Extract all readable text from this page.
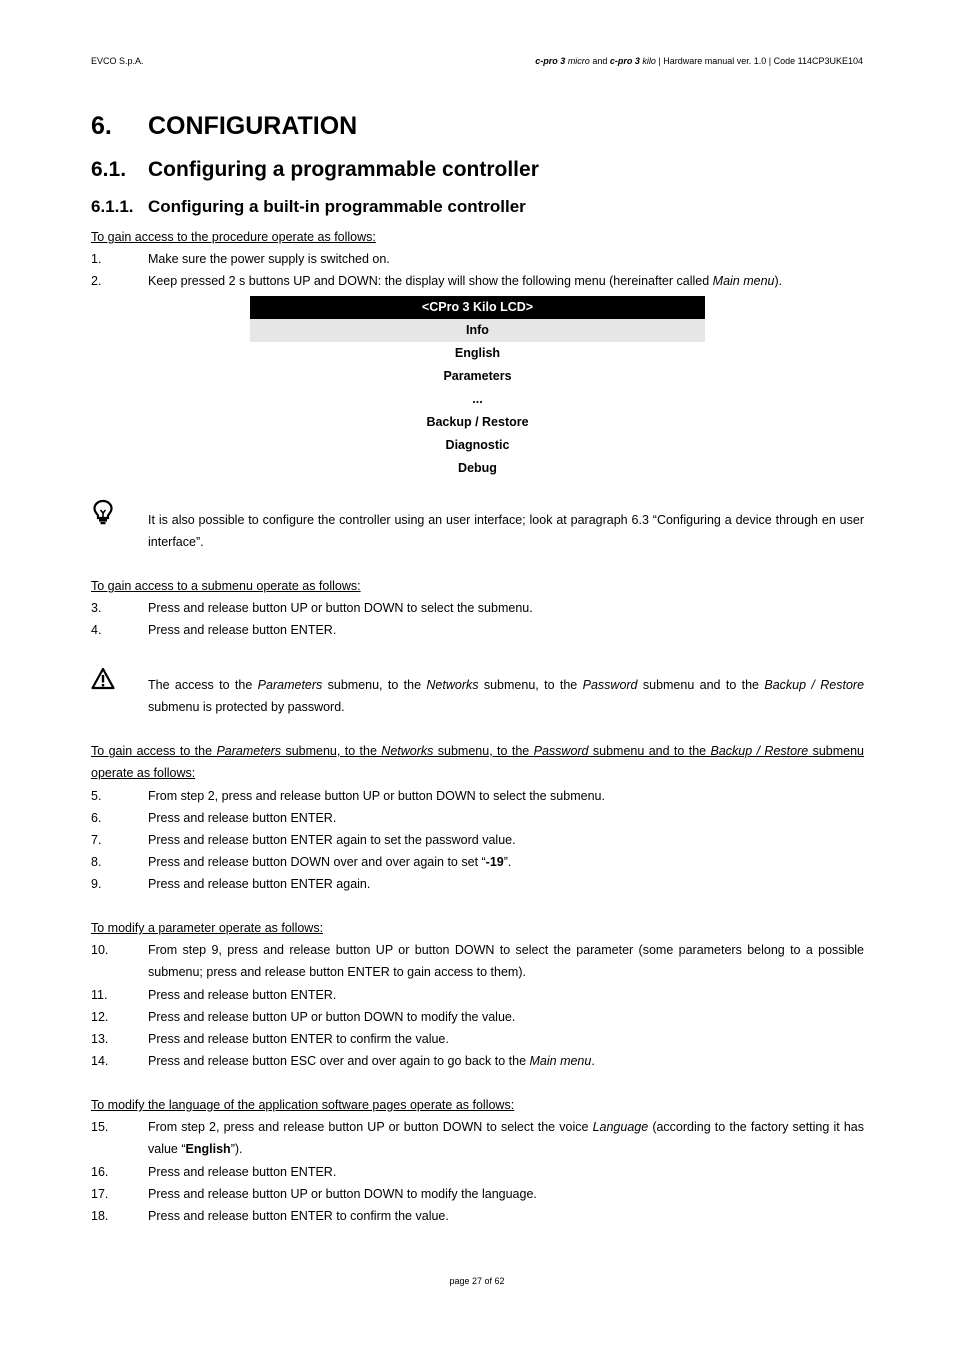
EVCO S.p.A.	c-pro 3 micro and c-pro 3 kilo | Hardware manual ver. 1.0 | Code 114CP3UKE104
6. CONFIGURATION
6.1. Configuring a programmable controller
6.1.1. Configuring a built-in programmable controller
To gain access to the procedure operate as follows:
1.	Make sure the power supply is switched on.
2.	Keep pressed 2 s buttons UP and DOWN: the display will show the following menu (hereinafter called Main menu).
<CPro 3 Kilo LCD>
Info
English
Parameters
...
Backup / Restore
Diagnostic
Debug
It is also possible to configure the controller using an user interface; look at paragraph 6.3 “Configuring a device through en user interface”.
To gain access to a submenu operate as follows:
3.	Press and release button UP or button DOWN to select the submenu.
4.	Press and release button ENTER.
The access to the Parameters submenu, to the Networks submenu, to the Password submenu and to the Backup / Restore submenu is protected by password.
To gain access to the Parameters submenu, to the Networks submenu, to the Password submenu and to the Backup / Restore submenu operate as follows:
5.	From step 2, press and release button UP or button DOWN to select the submenu.
6.	Press and release button ENTER.
7.	Press and release button ENTER again to set the password value.
8.	Press and release button DOWN over and over again to set “-19”.
9.	Press and release button ENTER again.
To modify a parameter operate as follows:
10.	From step 9, press and release button UP or button DOWN to select the parameter (some parameters belong to a possible submenu; press and release button ENTER to gain access to them).
11.	Press and release button ENTER.
12.	Press and release button UP or button DOWN to modify the value.
13.	Press and release button ENTER to confirm the value.
14.	Press and release button ESC over and over again to go back to the Main menu.
To modify the language of the application software pages operate as follows:
15.	From step 2, press and release button UP or button DOWN to select the voice Language (according to the factory setting it has value “English”).
16.	Press and release button ENTER.
17.	Press and release button UP or button DOWN to modify the language.
18.	Press and release button ENTER to confirm the value.
page 27 of 62
